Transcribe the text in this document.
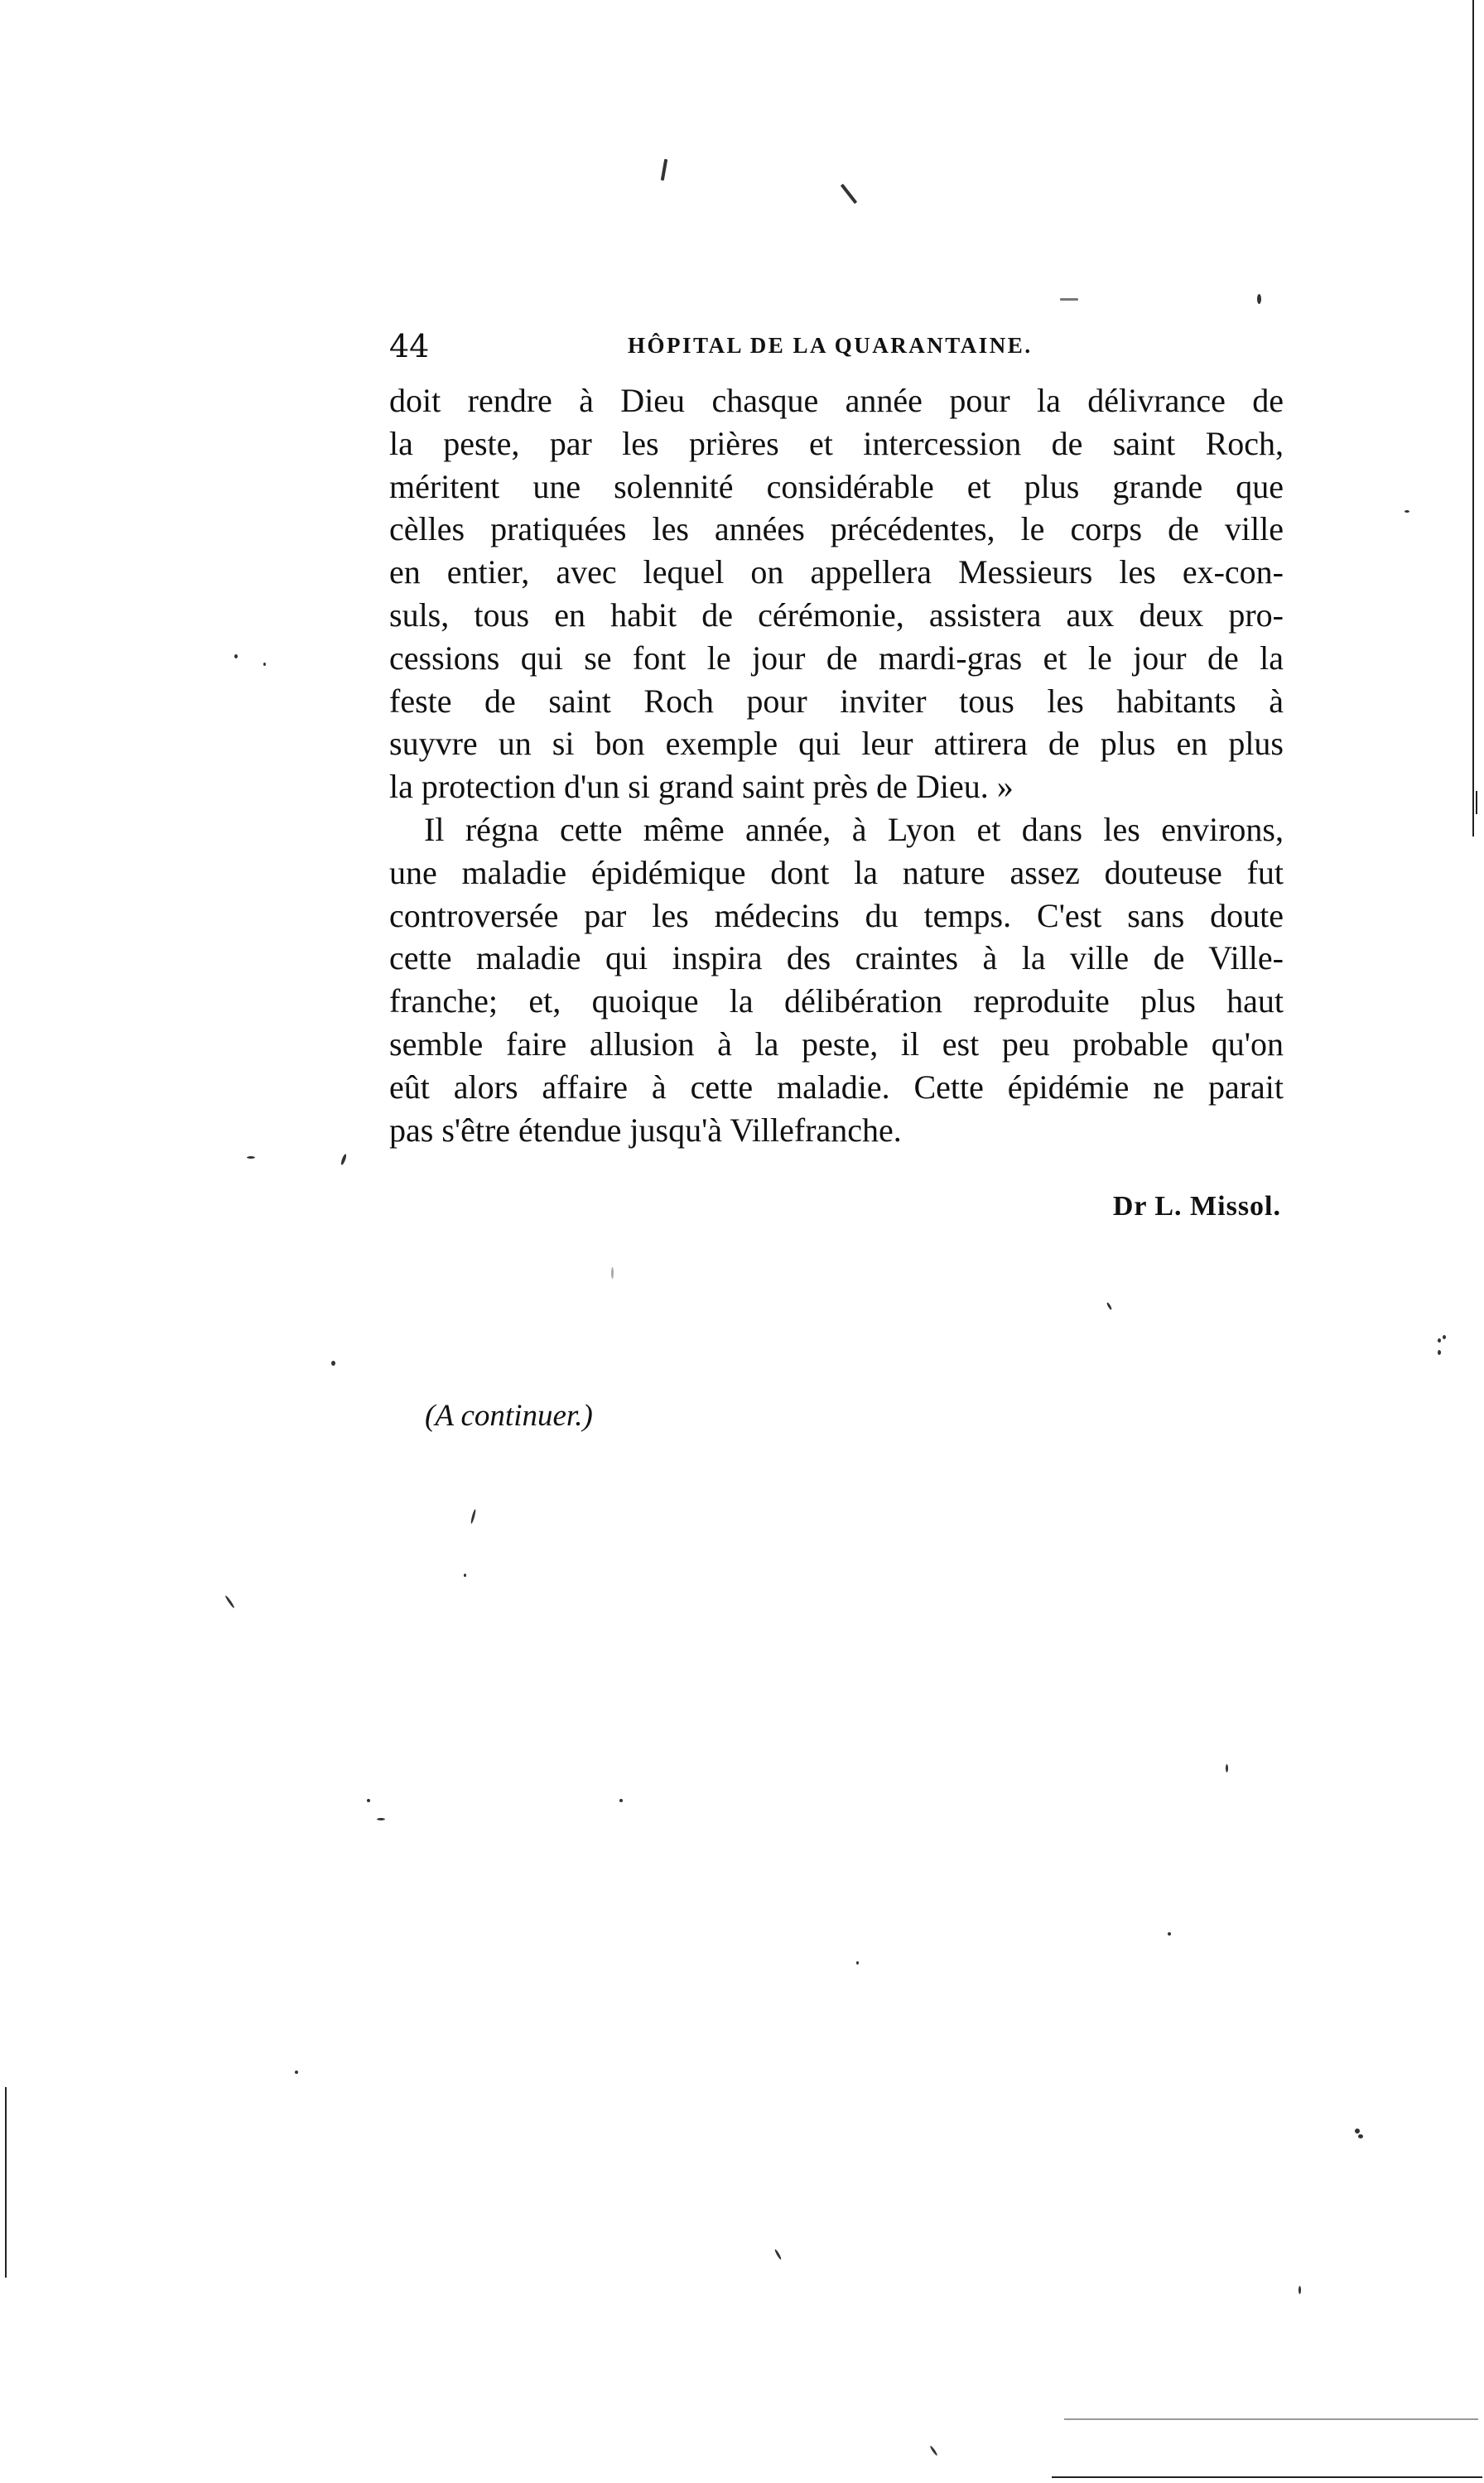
44	HÔPITAL DE LA QUARANTAINE.
doit rendre à Dieu chasque année pour la délivrance de
la peste, par les prières et intercession de saint Roch,
méritent une solennité considérable et plus grande que
cèlles pratiquées les années précédentes, le corps de ville
en entier, avec lequel on appellera Messieurs les ex-con-
suls, tous en habit de cérémonie, assistera aux deux pro-
cessions qui se font le jour de mardi-gras et le jour de la
feste de saint Roch pour inviter tous les habitants à
suyvre un si bon exemple qui leur attirera de plus en plus
la protection d'un si grand saint près de Dieu. »
Il régna cette même année, à Lyon et dans les environs,
une maladie épidémique dont la nature assez douteuse fut
controversée par les médecins du temps. C'est sans doute
cette maladie qui inspira des craintes à la ville de Ville-
franche; et, quoique la délibération reproduite plus haut
semble faire allusion à la peste, il est peu probable qu'on
eût alors affaire à cette maladie. Cette épidémie ne parait
pas s'être étendue jusqu'à Villefranche.
Dr L. Missol.
(A continuer.)
